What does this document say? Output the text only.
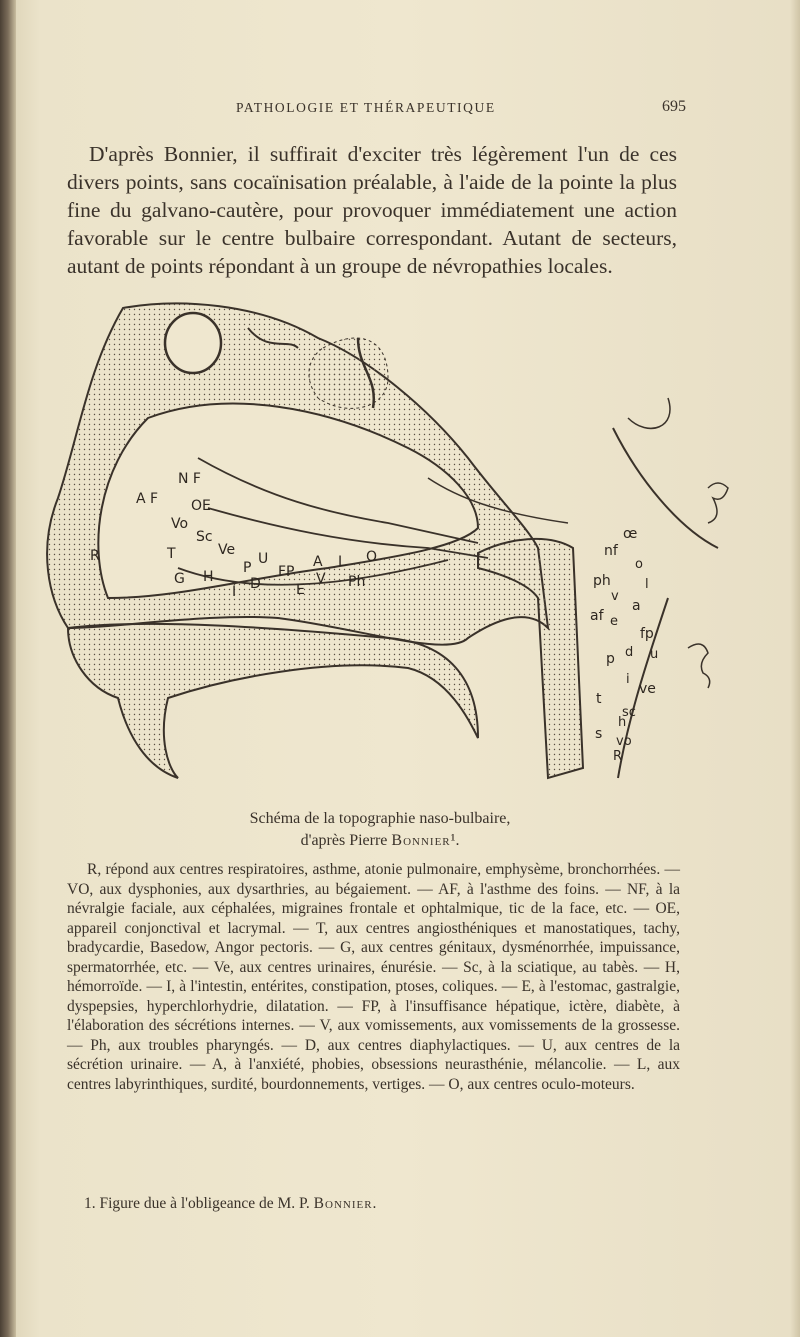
PATHOLOGIE ET THÉRAPEUTIQUE	695
D'après Bonnier, il suffirait d'exciter très légèrement l'un de ces divers points, sans cocaïnisation préalable, à l'aide de la pointe la plus fine du galvano-cautère, pour provoquer immédiatement une action favorable sur le centre bulbaire correspondant. Autant de secteurs, autant de points répondant à un groupe de névropathies locales.
N F
A F OE
Vo
Sc
R	T	Ve
P
U
FP
A L O
G H
I D	E
V Ph
œ
nf
o
ph	l
v
a
af e
fp
p d u
i
ve
t
sc
h
s vo
R
Schéma de la topographie naso-bulbaire,
d'après Pierre Bonnier¹.
R, répond aux centres respiratoires, asthme, atonie pulmonaire, emphysème, bronchorrhées. — VO, aux dysphonies, aux dysarthries, au bégaiement. — AF, à l'asthme des foins. — NF, à la névralgie faciale, aux céphalées, migraines frontale et ophtalmique, tic de la face, etc. — OE, appareil conjonctival et lacrymal. — T, aux centres angiosthéniques et manostatiques, tachy, bradycardie, Basedow, Angor pectoris. — G, aux centres génitaux, dysménorrhée, impuissance, spermatorrhée, etc. — Ve, aux centres urinaires, énurésie. — Sc, à la sciatique, au tabès. — H, hémorroïde. — I, à l'intestin, entérites, constipation, ptoses, coliques. — E, à l'estomac, gastralgie, dyspepsies, hyperchlorhydrie, dilatation. — FP, à l'insuffisance hépatique, ictère, diabète, à l'élaboration des sécrétions internes. — V, aux vomissements, aux vomissements de la grossesse. — Ph, aux troubles pharyngés. — D, aux centres diaphylactiques. — U, aux centres de la sécrétion urinaire. — A, à l'anxiété, phobies, obsessions neurasthénie, mélancolie. — L, aux centres labyrinthiques, surdité, bourdonnements, vertiges. — O, aux centres oculo-moteurs.
1. Figure due à l'obligeance de M. P. Bonnier.
